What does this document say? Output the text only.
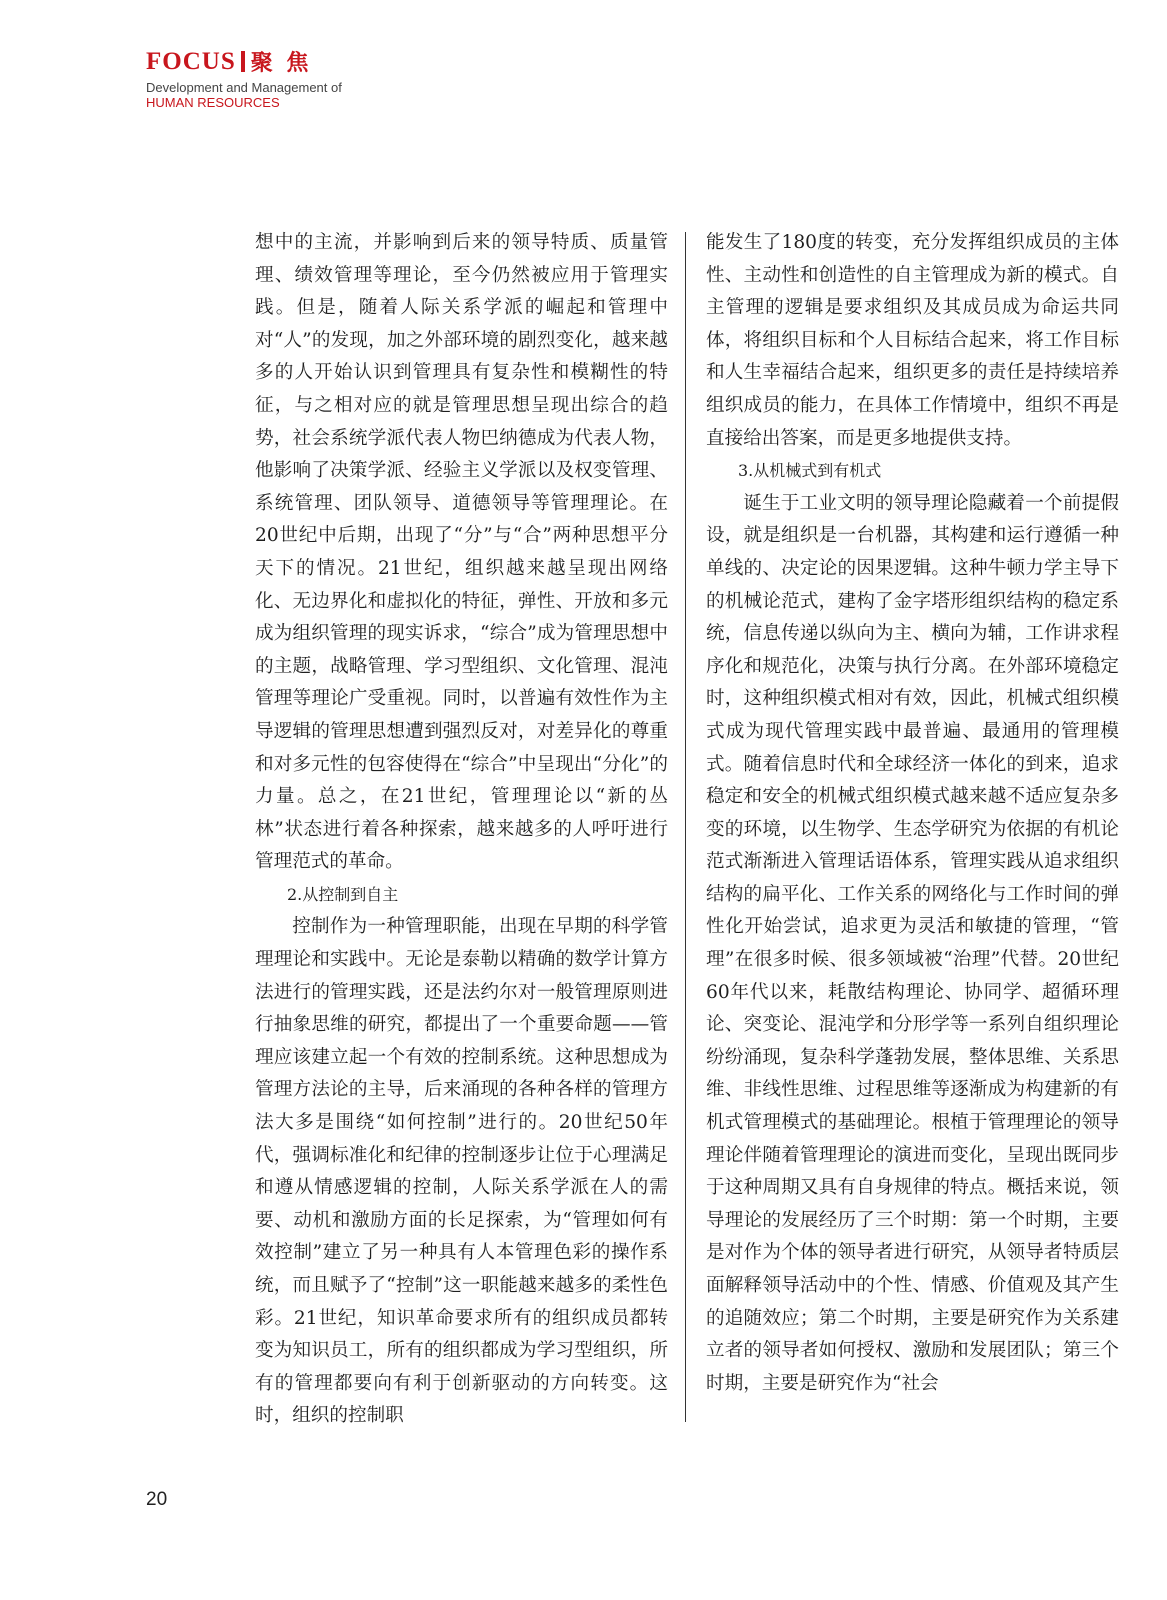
FOCUS 聚 焦
Development and Management of
HUMAN RESOURCES

想中的主流，并影响到后来的领导特质、质量管理、绩效管理等理论，至今仍然被应用于管理实践。但是，随着人际关系学派的崛起和管理中对“人”的发现，加之外部环境的剧烈变化，越来越多的人开始认识到管理具有复杂性和模糊性的特征，与之相对应的就是管理思想呈现出综合的趋势，社会系统学派代表人物巴纳德成为代表人物，他影响了决策学派、经验主义学派以及权变管理、系统管理、团队领导、道德领导等管理理论。在20世纪中后期，出现了“分”与“合”两种思想平分天下的情况。21世纪，组织越来越呈现出网络化、无边界化和虚拟化的特征，弹性、开放和多元成为组织管理的现实诉求，“综合”成为管理思想中的主题，战略管理、学习型组织、文化管理、混沌管理等理论广受重视。同时，以普遍有效性作为主导逻辑的管理思想遭到强烈反对，对差异化的尊重和对多元性的包容使得在“综合”中呈现出“分化”的力量。总之，在21世纪，管理理论以“新的丛林”状态进行着各种探索，越来越多的人呼吁进行管理范式的革命。

2.从控制到自主

控制作为一种管理职能，出现在早期的科学管理理论和实践中。无论是泰勒以精确的数学计算方法进行的管理实践，还是法约尔对一般管理原则进行抽象思维的研究，都提出了一个重要命题——管理应该建立起一个有效的控制系统。这种思想成为管理方法论的主导，后来涌现的各种各样的管理方法大多是围绕“如何控制”进行的。20世纪50年代，强调标准化和纪律的控制逐步让位于心理满足和遵从情感逻辑的控制，人际关系学派在人的需要、动机和激励方面的长足探索，为“管理如何有效控制”建立了另一种具有人本管理色彩的操作系统，而且赋予了“控制”这一职能越来越多的柔性色彩。21世纪，知识革命要求所有的组织成员都转变为知识员工，所有的组织都成为学习型组织，所有的管理都要向有利于创新驱动的方向转变。这时，组织的控制职

能发生了180度的转变，充分发挥组织成员的主体性、主动性和创造性的自主管理成为新的模式。自主管理的逻辑是要求组织及其成员成为命运共同体，将组织目标和个人目标结合起来，将工作目标和人生幸福结合起来，组织更多的责任是持续培养组织成员的能力，在具体工作情境中，组织不再是直接给出答案，而是更多地提供支持。

3.从机械式到有机式

诞生于工业文明的领导理论隐藏着一个前提假设，就是组织是一台机器，其构建和运行遵循一种单线的、决定论的因果逻辑。这种牛顿力学主导下的机械论范式，建构了金字塔形组织结构的稳定系统，信息传递以纵向为主、横向为辅，工作讲求程序化和规范化，决策与执行分离。在外部环境稳定时，这种组织模式相对有效，因此，机械式组织模式成为现代管理实践中最普遍、最通用的管理模式。随着信息时代和全球经济一体化的到来，追求稳定和安全的机械式组织模式越来越不适应复杂多变的环境，以生物学、生态学研究为依据的有机论范式渐渐进入管理话语体系，管理实践从追求组织结构的扁平化、工作关系的网络化与工作时间的弹性化开始尝试，追求更为灵活和敏捷的管理，“管理”在很多时候、很多领域被“治理”代替。20世纪60年代以来，耗散结构理论、协同学、超循环理论、突变论、混沌学和分形学等一系列自组织理论纷纷涌现，复杂科学蓬勃发展，整体思维、关系思维、非线性思维、过程思维等逐渐成为构建新的有机式管理模式的基础理论。根植于管理理论的领导理论伴随着管理理论的演进而变化，呈现出既同步于这种周期又具有自身规律的特点。概括来说，领导理论的发展经历了三个时期：第一个时期，主要是对作为个体的领导者进行研究，从领导者特质层面解释领导活动中的个性、情感、价值观及其产生的追随效应；第二个时期，主要是研究作为关系建立者的领导者如何授权、激励和发展团队；第三个时期，主要是研究作为“社会

20
